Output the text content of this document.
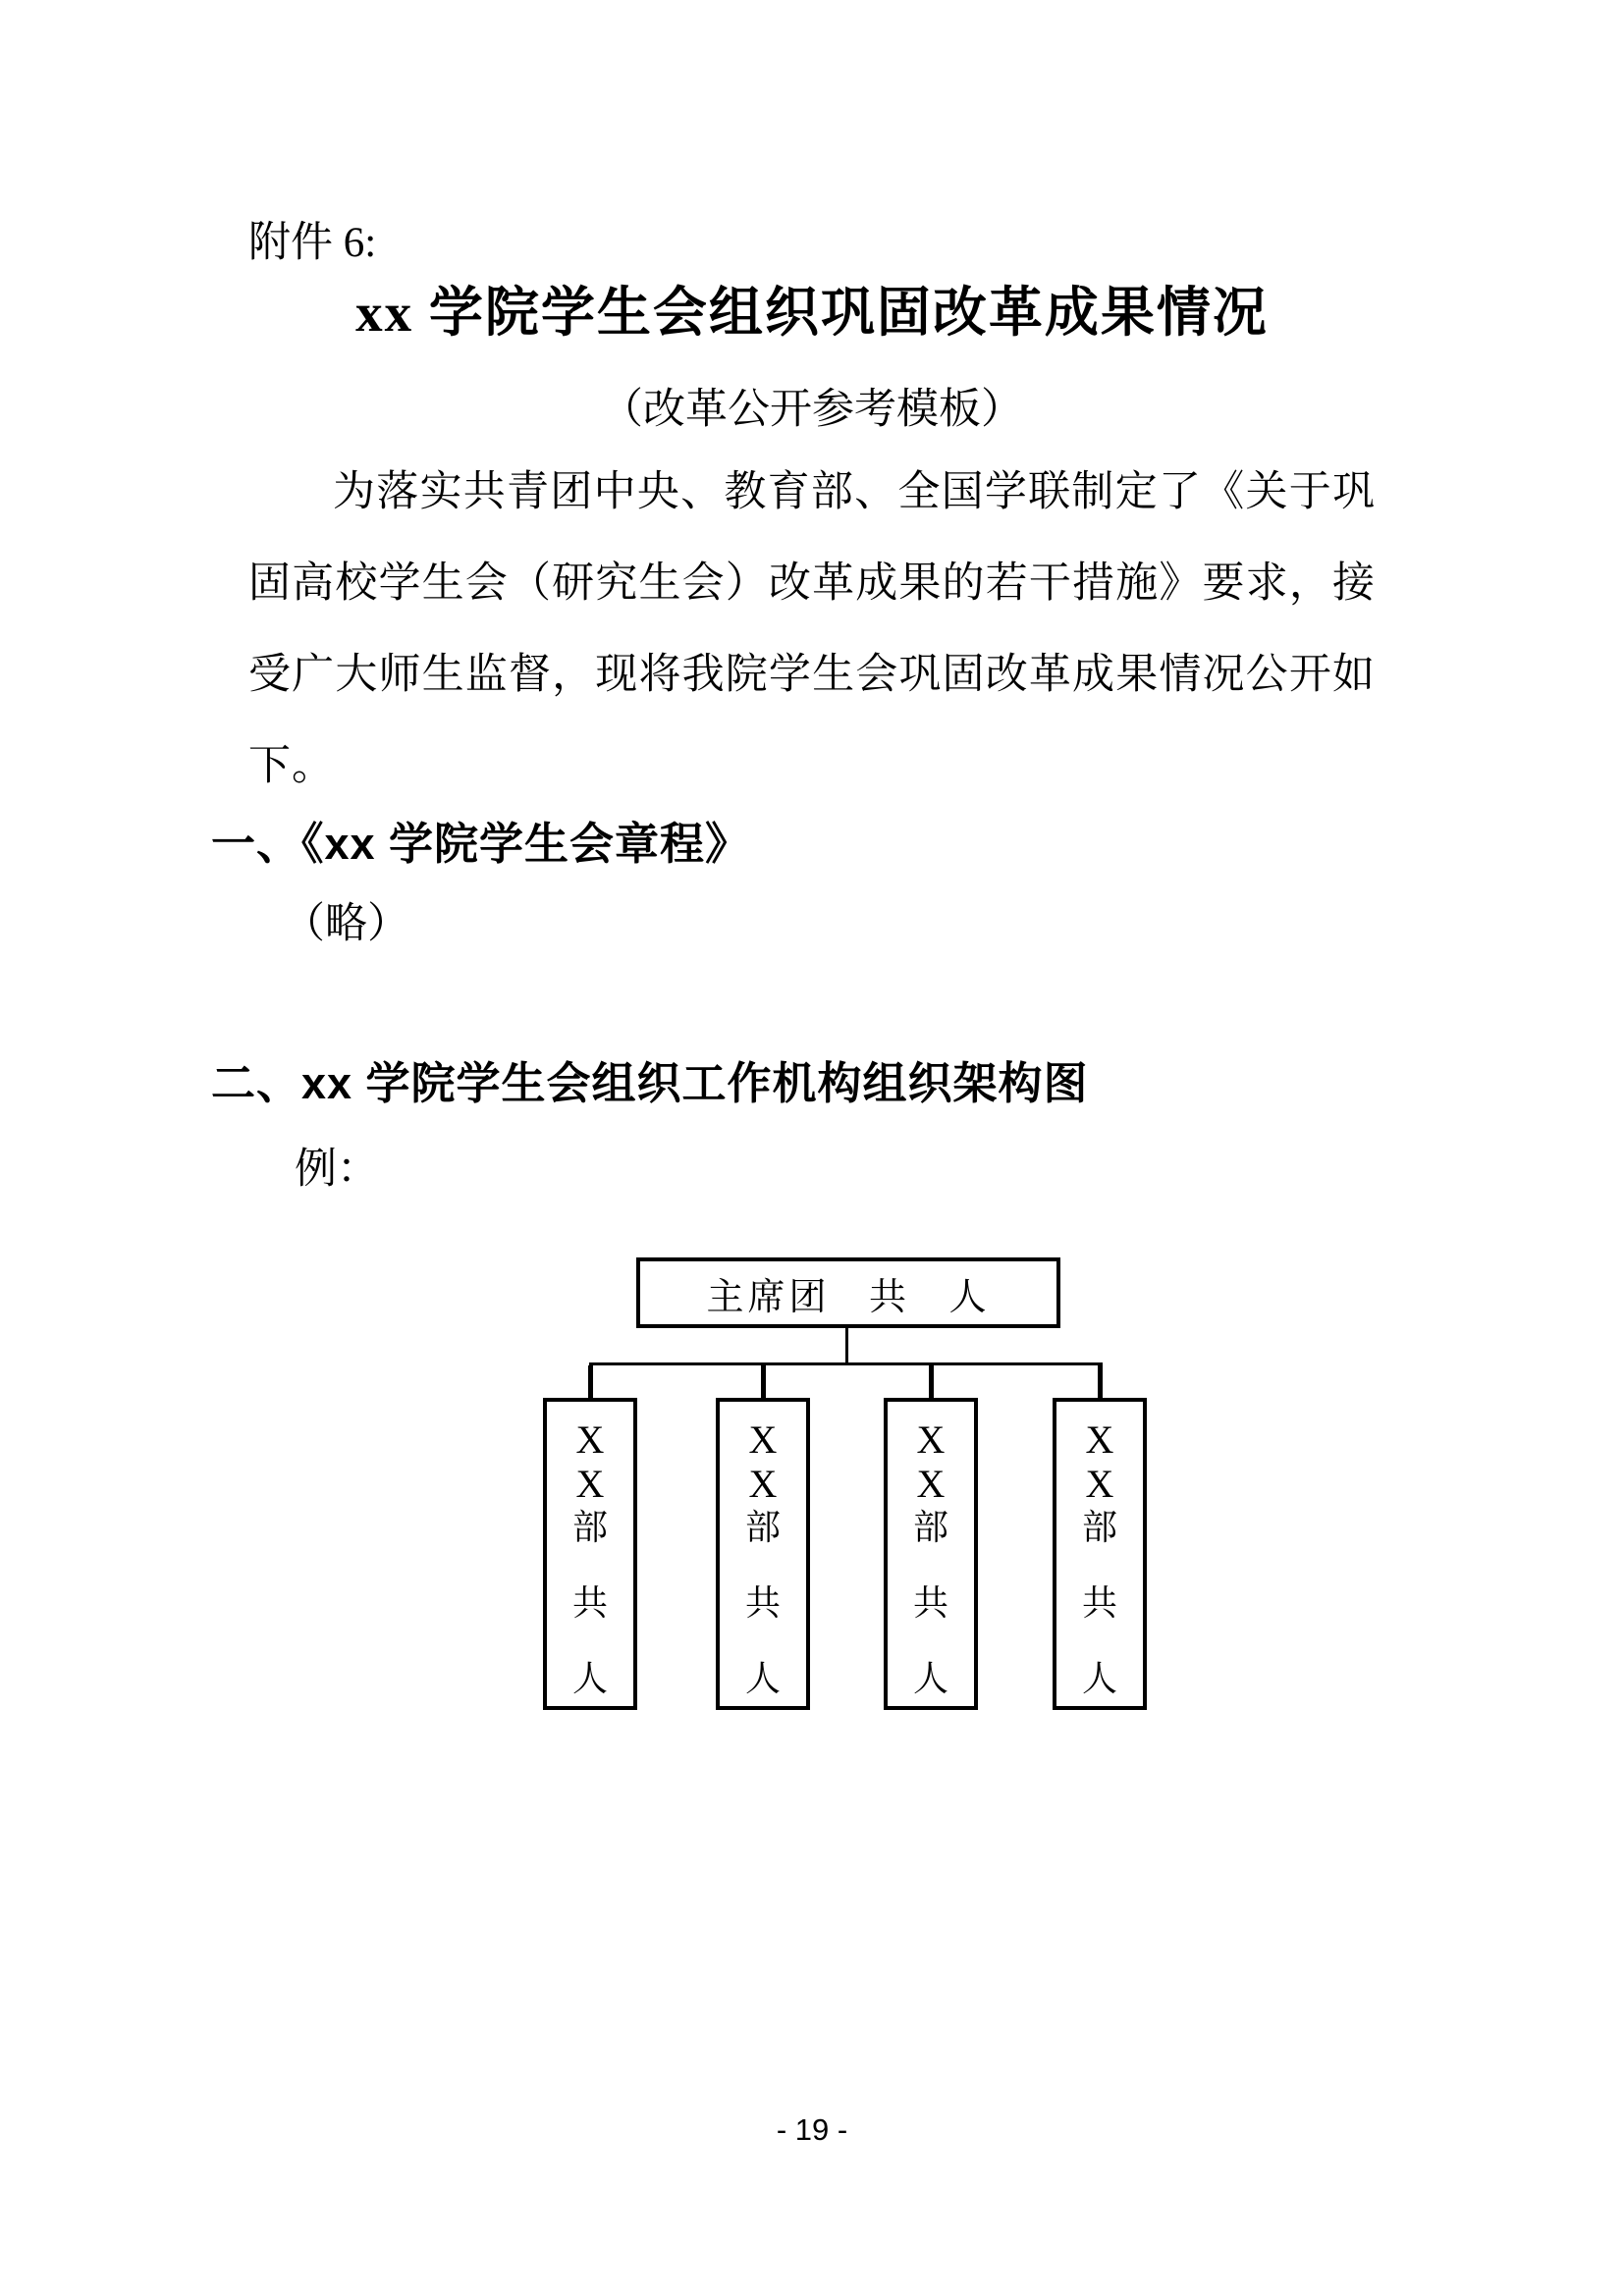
附件 6:
xx 学院学生会组织巩固改革成果情况
（改革公开参考模板）
为落实共青团中央、教育部、全国学联制定了《关于巩
固高校学生会（研究生会）改革成果的若干措施》要求，接
受广大师生监督，现将我院学生会巩固改革成果情况公开如
下。
一、《xx 学院学生会章程》
（略）
二、xx 学院学生会组织工作机构组织架构图
例：
主席团 共 人
X
X
部
共
人
X
X
部
共
人
X
X
部
共
人
X
X
部
共
人
- 19 -
